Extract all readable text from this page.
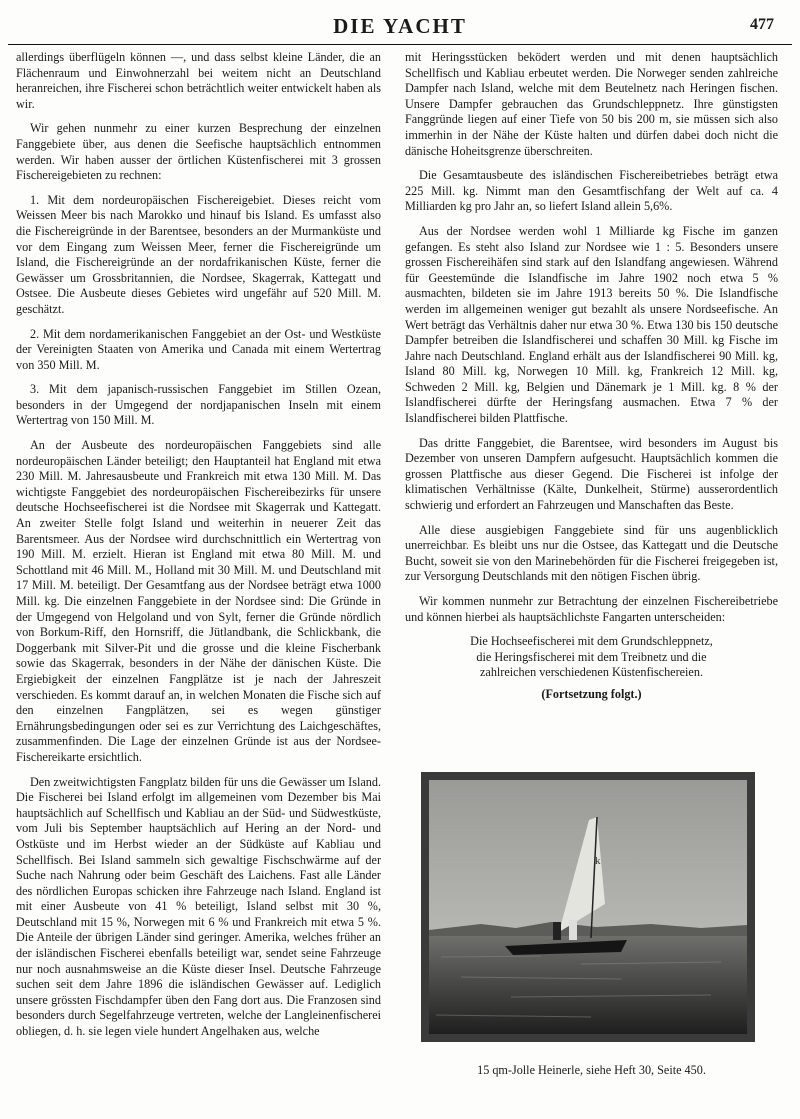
DIE YACHT	477

allerdings überflügeln können —, und dass selbst kleine Länder, die an Flächenraum und Einwohnerzahl bei weitem nicht an Deutschland heranreichen, ihre Fischerei schon beträchtlich weiter entwickelt haben als wir.

Wir gehen nunmehr zu einer kurzen Besprechung der einzelnen Fanggebiete über, aus denen die Seefische hauptsächlich entnommen werden. Wir haben ausser der örtlichen Küstenfischerei mit 3 grossen Fischereigebieten zu rechnen:

1. Mit dem nordeuropäischen Fischereigebiet. Dieses reicht vom Weissen Meer bis nach Marokko und hinauf bis Island. Es umfasst also die Fischereigründe in der Barentsee, besonders an der Murmanküste und vor dem Eingang zum Weissen Meer, ferner die Fischereigründe um Island, die Fischereigründe an der nordafrikanischen Küste, ferner die Gewässer um Grossbritannien, die Nordsee, Skagerrak, Kattegatt und Ostsee. Die Ausbeute dieses Gebietes wird ungefähr auf 520 Mill. M. geschätzt.

2. Mit dem nordamerikanischen Fanggebiet an der Ost- und Westküste der Vereinigten Staaten von Amerika und Canada mit einem Wertertrag von 350 Mill. M.

3. Mit dem japanisch-russischen Fanggebiet im Stillen Ozean, besonders in der Umgegend der nordjapanischen Inseln mit einem Wertertrag von 150 Mill. M.

An der Ausbeute des nordeuropäischen Fanggebiets sind alle nordeuropäischen Länder beteiligt; den Hauptanteil hat England mit etwa 230 Mill. M. Jahresausbeute und Frankreich mit etwa 130 Mill. M. Das wichtigste Fanggebiet des nordeuropäischen Fischereibezirks für unsere deutsche Hochseefischerei ist die Nordsee mit Skagerrak und Kattegatt. An zweiter Stelle folgt Island und weiterhin in neuerer Zeit das Barentsmeer. Aus der Nordsee wird durchschnittlich ein Wertertrag von 190 Mill. M. erzielt. Hieran ist England mit etwa 80 Mill. M. und Schottland mit 46 Mill. M., Holland mit 30 Mill. M. und Deutschland mit 17 Mill. M. beteiligt. Der Gesamtfang aus der Nordsee beträgt etwa 1000 Mill. kg. Die einzelnen Fanggebiete in der Nordsee sind: Die Gründe in der Umgegend von Helgoland und von Sylt, ferner die Gründe nördlich von Borkum-Riff, den Hornsriff, die Jütlandbank, die Schlickbank, die Doggerbank mit Silver-Pit und die grosse und die kleine Fischerbank sowie das Skagerrak, besonders in der Nähe der dänischen Küste. Die Ergiebigkeit der einzelnen Fangplätze ist je nach der Jahreszeit verschieden. Es kommt darauf an, in welchen Monaten die Fische sich auf den einzelnen Fangplätzen, sei es wegen günstiger Ernährungsbedingungen oder sei es zur Verrichtung des Laichgeschäftes, zusammenfinden. Die Lage der einzelnen Gründe ist aus der Nordsee-Fischereikarte ersichtlich.

Den zweitwichtigsten Fangplatz bilden für uns die Gewässer um Island. Die Fischerei bei Island erfolgt im allgemeinen vom Dezember bis Mai hauptsächlich auf Schellfisch und Kabliau an der Süd- und Südwestküste, vom Juli bis September hauptsächlich auf Hering an der Nord- und Ostküste und im Herbst wieder an der Südküste auf Kabliau und Schellfisch. Bei Island sammeln sich gewaltige Fischschwärme auf der Suche nach Nahrung oder beim Geschäft des Laichens. Fast alle Länder des nördlichen Europas schicken ihre Fahrzeuge nach Island. England ist mit einer Ausbeute von 41 % beteiligt, Island selbst mit 30 %, Deutschland mit 15 %, Norwegen mit 6 % und Frankreich mit etwa 5 %. Die Anteile der übrigen Länder sind geringer. Amerika, welches früher an der isländischen Fischerei ebenfalls beteiligt war, sendet seine Fahrzeuge nur noch ausnahmsweise an die Küste dieser Insel. Deutsche Fahrzeuge suchen seit dem Jahre 1896 die isländischen Gewässer auf. Lediglich unsere grössten Fischdampfer üben den Fang dort aus. Die Franzosen sind besonders durch Segelfahrzeuge vertreten, welche der Langleinenfischerei obliegen, d. h. sie legen viele hundert Angelhaken aus, welche

mit Heringsstücken beködert werden und mit denen hauptsächlich Schellfisch und Kabliau erbeutet werden. Die Norweger senden zahlreiche Dampfer nach Island, welche mit dem Beutelnetz nach Heringen fischen. Unsere Dampfer gebrauchen das Grundschleppnetz. Ihre günstigsten Fanggründe liegen auf einer Tiefe von 50 bis 200 m, sie müssen sich also immerhin in der Nähe der Küste halten und dürfen dabei doch nicht die dänische Hoheitsgrenze überschreiten.

Die Gesamtausbeute des isländischen Fischereibetriebes beträgt etwa 225 Mill. kg. Nimmt man den Gesamtfischfang der Welt auf ca. 4 Milliarden kg pro Jahr an, so liefert Island allein 5,6%.

Aus der Nordsee werden wohl 1 Milliarde kg Fische im ganzen gefangen. Es steht also Island zur Nordsee wie 1 : 5. Besonders unsere grossen Fischereihäfen sind stark auf den Islandfang angewiesen. Während für Geestemünde die Islandfische im Jahre 1902 noch etwa 5 % ausmachten, bildeten sie im Jahre 1913 bereits 50 %. Die Islandfische werden im allgemeinen weniger gut bezahlt als unsere Nordseefische. An Wert beträgt das Verhältnis daher nur etwa 30 %. Etwa 130 bis 150 deutsche Dampfer betreiben die Islandfischerei und schaffen 30 Mill. kg Fische im Jahre nach Deutschland. England erhält aus der Islandfischerei 90 Mill. kg, Island 80 Mill. kg, Norwegen 10 Mill. kg, Frankreich 12 Mill. kg, Schweden 2 Mill. kg, Belgien und Dänemark je 1 Mill. kg. 8 % der Islandfischerei dürfte der Heringsfang ausmachen. Etwa 7 % der Islandfischerei bilden Plattfische.

Das dritte Fanggebiet, die Barentsee, wird besonders im August bis Dezember von unseren Dampfern aufgesucht. Hauptsächlich kommen die grossen Plattfische aus dieser Gegend. Die Fischerei ist infolge der klimatischen Verhältnisse (Kälte, Dunkelheit, Stürme) ausserordentlich schwierig und erfordert an Fahrzeugen und Manschaften das Beste.

Alle diese ausgiebigen Fanggebiete sind für uns augenblicklich unerreichbar. Es bleibt uns nur die Ostsee, das Kattegatt und die Deutsche Bucht, soweit sie von den Marinebehörden für die Fischerei freigegeben ist, zur Versorgung Deutschlands mit den nötigen Fischen übrig.

Wir kommen nunmehr zur Betrachtung der einzelnen Fischereibetriebe und können hierbei als hauptsächlichste Fangarten unterscheiden:

Die Hochseefischerei mit dem Grundschleppnetz,
die Heringsfischerei mit dem Treibnetz und die
zahlreichen verschiedenen Küstenfischereien.
(Fortsetzung folgt.)
k
15 qm-Jolle Heinerle, siehe Heft 30, Seite 450.
